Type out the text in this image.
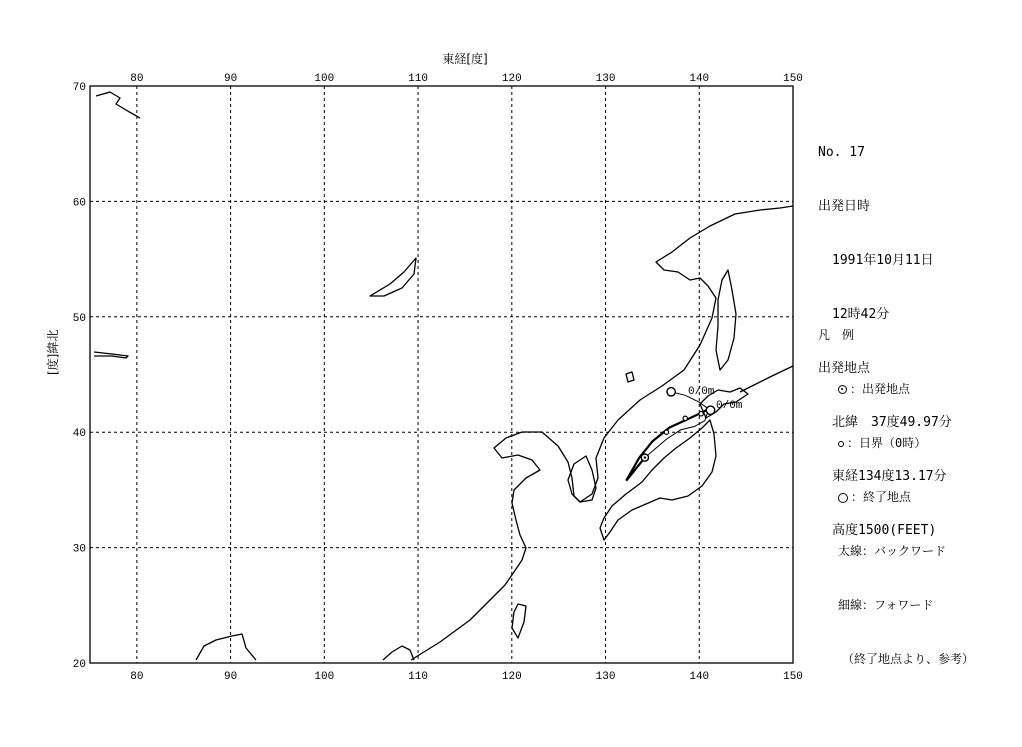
80
80
90
90
100
100
110
110
120
120
130
130
140
140
150
150
70
60
50
40
30
20
東経[度]
0/0m
0/0m
[度]緯北

No. 17

出発日時

1991年10月11日

12時42分

出発地点

北緯　37度49.97分

東経134度13.17分

高度1500(FEET)

凡　例

：出発地点

：日界（0時）

：終了地点

太線：バックワード

細線：フォワード

（終了地点より、参考）
